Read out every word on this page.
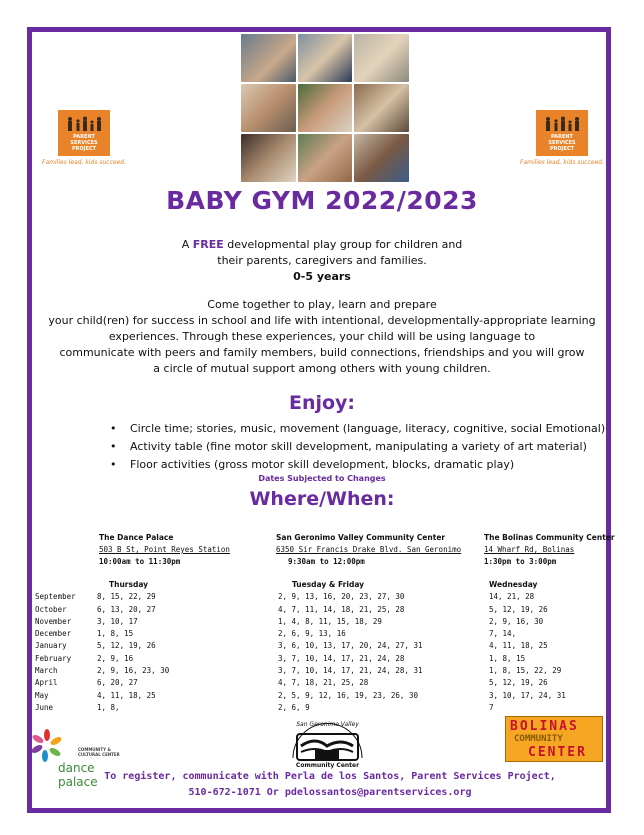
PARENT
SERVICES
PROJECT
Families lead, kids succeed.
PARENT
SERVICES
PROJECT
Families lead, kids succeed.
BABY GYM 2022/2023
A FREE developmental play group for children and
their parents, caregivers and families.
0-5 years
Come together to play, learn and prepare
your child(ren) for success in school and life with intentional, developmentally-appropriate learning
experiences. Through these experiences, your child will be using language to
communicate with peers and family members, build connections, friendships and you will grow
a circle of mutual support among others with young children.
Enjoy:
• Circle time; stories, music, movement (language, literacy, cognitive, social Emotional)
• Activity table (fine motor skill development, manipulating a variety of art material)
• Floor activities (gross motor skill development, blocks, dramatic play)
Dates Subjected to Changes
Where/When:
The Dance Palace
503 B St, Point Reyes Station
10:00am to 11:30pm
San Geronimo Valley Community Center
6350 Sir Francis Drake Blvd. San Geronimo
9:30am to 12:00pm
The Bolinas Community Center
14 Wharf Rd, Bolinas
1:30pm to 3:00pm

September
October
November
December
January
February
March
April
May
June
Thursday
8, 15, 22, 29
6, 13, 20, 27
3, 10, 17
1, 8, 15
5, 12, 19, 26
2, 9, 16
2, 9, 16, 23, 30
6, 20, 27
4, 11, 18, 25
1, 8,
Tuesday & Friday
2, 9, 13, 16, 20, 23, 27, 30
4, 7, 11, 14, 18, 21, 25, 28
1, 4, 8, 11, 15, 18, 29
2, 6, 9, 13, 16
3, 6, 10, 13, 17, 20, 24, 27, 31
3, 7, 10, 14, 17, 21, 24, 28
3, 7, 10, 14, 17, 21, 24, 28, 31
4, 7, 18, 21, 25, 28
2, 5, 9, 12, 16, 19, 23, 26, 30
2, 6, 9
Wednesday
14, 21, 28
5, 12, 19, 26
2, 9, 16, 30
7, 14,
4, 11, 18, 25
1, 8, 15
1, 8, 15, 22, 29
5, 12, 19, 26
3, 10, 17, 24, 31
7
COMMUNITY & CULTURAL CENTER
dance palace
San Geronimo Valley
Community Center
BOLINAS
COMMUNITY
CENTER
To register, communicate with Perla de los Santos, Parent Services Project,
510-672-1071 Or pdelossantos@parentservices.org
